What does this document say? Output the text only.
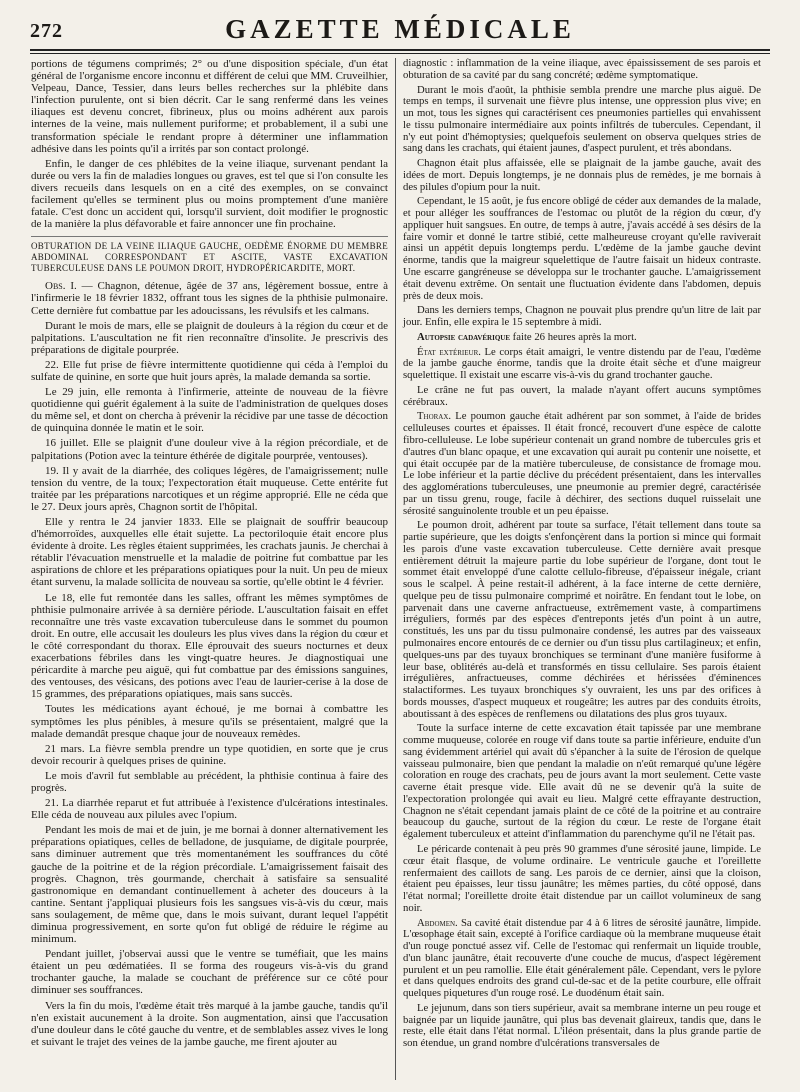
GAZETTE MÉDICALE
272

portions de tégumens comprimés; 2° ou d'une disposition spéciale, d'un état général de l'organisme encore inconnu et différent de celui que MM. Cruveilhier, Velpeau, Dance, Tessier, dans leurs belles recherches sur la phlébite dans l'infection purulente, ont si bien décrit. Car le sang renfermé dans les veines iliaques est devenu concret, fibrineux, plus ou moins adhérent aux parois internes de la veine, mais nullement puriforme; et probablement, il a subi une transformation spéciale le rendant propre à déterminer une inflammation adhésive dans les points qu'il a irrités par son contact prolongé.

Enfin, le danger de ces phlébites de la veine iliaque, survenant pendant la durée ou vers la fin de maladies longues ou graves, est tel que si l'on consulte les divers recueils dans lesquels on en a cité des exemples, on se convainct facilement qu'elles se terminent plus ou moins promptement d'une manière fatale. C'est donc un accident qui, lorsqu'il survient, doit modifier le prognostic de la manière la plus défavorable et faire annoncer une fin prochaine.

OBTURATION DE LA VEINE ILIAQUE GAUCHE, OEDÈME ÉNORME DU MEMBRE ABDOMINAL CORRESPONDANT ET ASCITE, VASTE EXCAVATION TUBERCULEUSE DANS LE POUMON DROIT, HYDROPÉRICARDITE, MORT.

Obs. I. — Chagnon, détenue, âgée de 37 ans, légèrement bossue, entre à l'infirmerie le 18 février 1832, offrant tous les signes de la phthisie pulmonaire. Cette dernière fut combattue par les adoucissans, les révulsifs et les calmans.

Durant le mois de mars, elle se plaignit de douleurs à la région du cœur et de palpitations. L'auscultation ne fit rien reconnaître d'insolite. Je prescrivis des préparations de digitale pourprée.

22. Elle fut prise de fièvre intermittente quotidienne qui céda à l'emploi du sulfate de quinine, en sorte que huit jours après, la malade demanda sa sortie.

Le 29 juin, elle remonta à l'infirmerie, atteinte de nouveau de la fièvre quotidienne qui guérit également à la suite de l'administration de quelques doses du même sel, et dont on chercha à prévenir la récidive par une tasse de décoction de quinquina donnée le matin et le soir.

16 juillet. Elle se plaignit d'une douleur vive à la région précordiale, et de palpitations (Potion avec la teinture éthérée de digitale pourprée, ventouses).

19. Il y avait de la diarrhée, des coliques légères, de l'amaigrissement; nulle tension du ventre, de la toux; l'expectoration était muqueuse. Cette entérite fut traitée par les préparations narcotiques et un régime approprié. Elle ne céda que le 27. Deux jours après, Chagnon sortit de l'hôpital.

Elle y rentra le 24 janvier 1833. Elle se plaignait de souffrir beaucoup d'hémorroïdes, auxquelles elle était sujette. La pectoriloquie était encore plus évidente à droite. Les règles étaient supprimées, les crachats jaunis. Je cherchai à rétablir l'évacuation menstruelle et la maladie de poitrine fut combattue par les aspirations de chlore et les préparations opiatiques pour la nuit. Un peu de mieux étant survenu, la malade sollicita de nouveau sa sortie, qu'elle obtint le 4 février.

Le 18, elle fut remontée dans les salles, offrant les mêmes symptômes de phthisie pulmonaire arrivée à sa dernière période. L'auscultation faisait en effet reconnaître une très vaste excavation tuberculeuse dans le sommet du poumon droit. En outre, elle accusait les douleurs les plus vives dans la région du cœur et le côté correspondant du thorax. Elle éprouvait des sueurs nocturnes et deux exacerbations fébriles dans les vingt-quatre heures. Je diagnostiquai une péricardite à marche peu aiguë, qui fut combattue par des émissions sanguines, des ventouses, des vésicans, des potions avec l'eau de laurier-cerise à la dose de 15 grammes, des préparations opiatiques, mais sans succès.

Toutes les médications ayant échoué, je me bornai à combattre les symptômes les plus pénibles, à mesure qu'ils se présentaient, malgré que la malade demandât presque chaque jour de nouveaux remèdes.

21 mars. La fièvre sembla prendre un type quotidien, en sorte que je crus devoir recourir à quelques prises de quinine.

Le mois d'avril fut semblable au précédent, la phthisie continua à faire des progrès.

21. La diarrhée reparut et fut attribuée à l'existence d'ulcérations intestinales. Elle céda de nouveau aux pilules avec l'opium.

Pendant les mois de mai et de juin, je me bornai à donner alternativement les préparations opiatiques, celles de belladone, de jusquiame, de digitale pourprée, sans diminuer autrement que très momentanément les souffrances du côté gauche de la poitrine et de la région précordiale. L'amaigrissement faisait des progrès. Chagnon, très gourmande, cherchait à satisfaire sa sensualité gastronomique en demandant continuellement à acheter des douceurs à la cantine. Sentant j'appliquai plusieurs fois les sangsues vis-à-vis du cœur, mais sans soulagement, de même que, dans le mois suivant, durant lequel l'appétit diminua progressivement, en sorte qu'on fut obligé de réduire le régime au minimum.

Pendant juillet, j'observai aussi que le ventre se tuméfiait, que les mains étaient un peu œdématiées. Il se forma des rougeurs vis-à-vis du grand trochanter gauche, la malade se couchant de préférence sur ce côté pour diminuer ses souffrances.

Vers la fin du mois, l'œdème était très marqué à la jambe gauche, tandis qu'il n'en existait aucunement à la droite. Son augmentation, ainsi que l'accusation d'une douleur dans le côté gauche du ventre, et de semblables assez vives le long et suivant le trajet des veines de la jambe gauche, me firent ajouter au

diagnostic : inflammation de la veine iliaque, avec épaississement de ses parois et obturation de sa cavité par du sang concrété; œdème symptomatique.

Durant le mois d'août, la phthisie sembla prendre une marche plus aiguë. De temps en temps, il survenait une fièvre plus intense, une oppression plus vive; en un mot, tous les signes qui caractérisent ces pneumonies partielles qui envahissent le tissu pulmonaire intermédiaire aux points infiltrés de tubercules. Cependant, il n'y eut point d'hémoptysies; quelquefois seulement on observa quelques stries de sang dans les crachats, qui étaient jaunes, d'aspect purulent, et très abondans.

Chagnon était plus affaissée, elle se plaignait de la jambe gauche, avait des idées de mort. Depuis longtemps, je ne donnais plus de remèdes, je me bornais à des pilules d'opium pour la nuit.

Cependant, le 15 août, je fus encore obligé de céder aux demandes de la malade, et pour alléger les souffrances de l'estomac ou plutôt de la région du cœur, d'y appliquer huit sangsues. En outre, de temps à autre, j'avais accédé à ses désirs de la faire vomir et donné le tartre stibié, cette malheureuse croyant qu'elle raviverait ainsi un appétit depuis longtemps perdu. L'œdème de la jambe gauche devint énorme, tandis que la maigreur squelettique de l'autre faisait un hideux contraste. Une escarre gangréneuse se développa sur le trochanter gauche. L'amaigrissement était devenu extrême. On sentait une fluctuation évidente dans l'abdomen, depuis près de deux mois.

Dans les derniers temps, Chagnon ne pouvait plus prendre qu'un litre de lait par jour. Enfin, elle expira le 15 septembre à midi.

Autopsie cadavérique faite 26 heures après la mort.

État extérieur. Le corps était amaigri, le ventre distendu par de l'eau, l'œdème de la jambe gauche énorme, tandis que la droite était sèche et d'une maigreur squelettique. Il existait une escarre vis-à-vis du grand trochanter gauche.

Le crâne ne fut pas ouvert, la malade n'ayant offert aucuns symptômes cérébraux.

Thorax. Le poumon gauche était adhérent par son sommet, à l'aide de brides celluleuses courtes et épaisses. Il était froncé, recouvert d'une espèce de calotte fibro-celluleuse. Le lobe supérieur contenait un grand nombre de tubercules gris et d'autres d'un blanc opaque, et une excavation qui aurait pu contenir une noisette, et qui était occupée par de la matière tuberculeuse, de consistance de fromage mou. Le lobe inférieur et la partie déclive du précédent présentaient, dans les intervalles des agglomérations tuberculeuses, une pneumonie au premier degré, caractérisée par un tissu grenu, rouge, facile à déchirer, des sections duquel ruisselait une sérosité sanguinolente trouble et un peu épaisse.

Le poumon droit, adhérent par toute sa surface, l'était tellement dans toute sa partie supérieure, que les doigts s'enfonçèrent dans la portion si mince qui formait les parois d'une vaste excavation tuberculeuse. Cette dernière avait presque entièrement détruit la majeure partie du lobe supérieur de l'organe, dont tout le sommet était enveloppé d'une calotte cellulo-fibreuse, d'épaisseur inégale, criant sous le scalpel. À peine restait-il adhérent, à la face interne de cette dernière, quelque peu de tissu pulmonaire comprimé et noirâtre. En fendant tout le lobe, on parvenait dans une caverne anfractueuse, extrêmement vaste, à compartimens irréguliers, formés par des espèces d'entreponts jetés d'un point à un autre, constitués, les uns par du tissu pulmonaire condensé, les autres par des vaisseaux pulmonaires encore entourés de ce dernier ou d'un tissu plus cartilagineux; et enfin, quelques-uns par des tuyaux bronchiques se terminant d'une manière fusiforme à leur base, oblitérés au-delà et transformés en tissu cellulaire. Ses parois étaient irrégulières, anfractueuses, comme déchirées et hérissées d'éminences stalactiformes. Les tuyaux bronchiques s'y ouvraient, les uns par des orifices à bords mousses, d'aspect muqueux et rougeâtre; les autres par des conduits étroits, aboutissant à des espèces de renflemens ou dilatations des plus gros tuyaux.

Toute la surface interne de cette excavation était tapissée par une membrane comme muqueuse, colorée en rouge vif dans toute sa partie inférieure, enduite d'un sang évidemment artériel qui avait dû s'épancher à la suite de l'érosion de quelque vaisseau pulmonaire, bien que pendant la maladie on n'eût remarqué qu'une légère coloration en rouge des crachats, peu de jours avant la mort seulement. Cette vaste caverne était presque vide. Elle avait dû ne se devenir qu'à la suite de l'expectoration prolongée qui avait eu lieu. Malgré cette effrayante destruction, Chagnon ne s'était cependant jamais plaint de ce côté de la poitrine et au contraire beaucoup du gauche, surtout de la région du cœur. Le reste de l'organe était également tuberculeux et atteint d'inflammation du parenchyme qu'il ne l'était pas.

Le péricarde contenait à peu près 90 grammes d'une sérosité jaune, limpide. Le cœur était flasque, de volume ordinaire. Le ventricule gauche et l'oreillette renfermaient des caillots de sang. Les parois de ce dernier, ainsi que la cloison, étaient peu épaisses, leur tissu jaunâtre; les mêmes parties, du côté opposé, dans l'état normal; l'oreillette droite était distendue par un caillot volumineux de sang noir.

Abdomen. Sa cavité était distendue par 4 à 6 litres de sérosité jaunâtre, limpide. L'œsophage était sain, excepté à l'orifice cardiaque où la membrane muqueuse était d'un rouge ponctué assez vif. Celle de l'estomac qui renfermait un liquide trouble, d'un blanc jaunâtre, était recouverte d'une couche de mucus, d'aspect légèrement purulent et un peu ramollie. Elle était généralement pâle. Cependant, vers le pylore et dans quelques endroits des grand cul-de-sac et de la petite courbure, elle offrait quelques piquetures d'un rouge rosé. Le duodénum était sain.

Le jejunum, dans son tiers supérieur, avait sa membrane interne un peu rouge et baignée par un liquide jaunâtre, qui plus bas devenait glaireux, tandis que, dans le reste, elle était dans l'état normal. L'iléon présentait, dans la plus grande partie de son étendue, un grand nombre d'ulcérations transversales de
